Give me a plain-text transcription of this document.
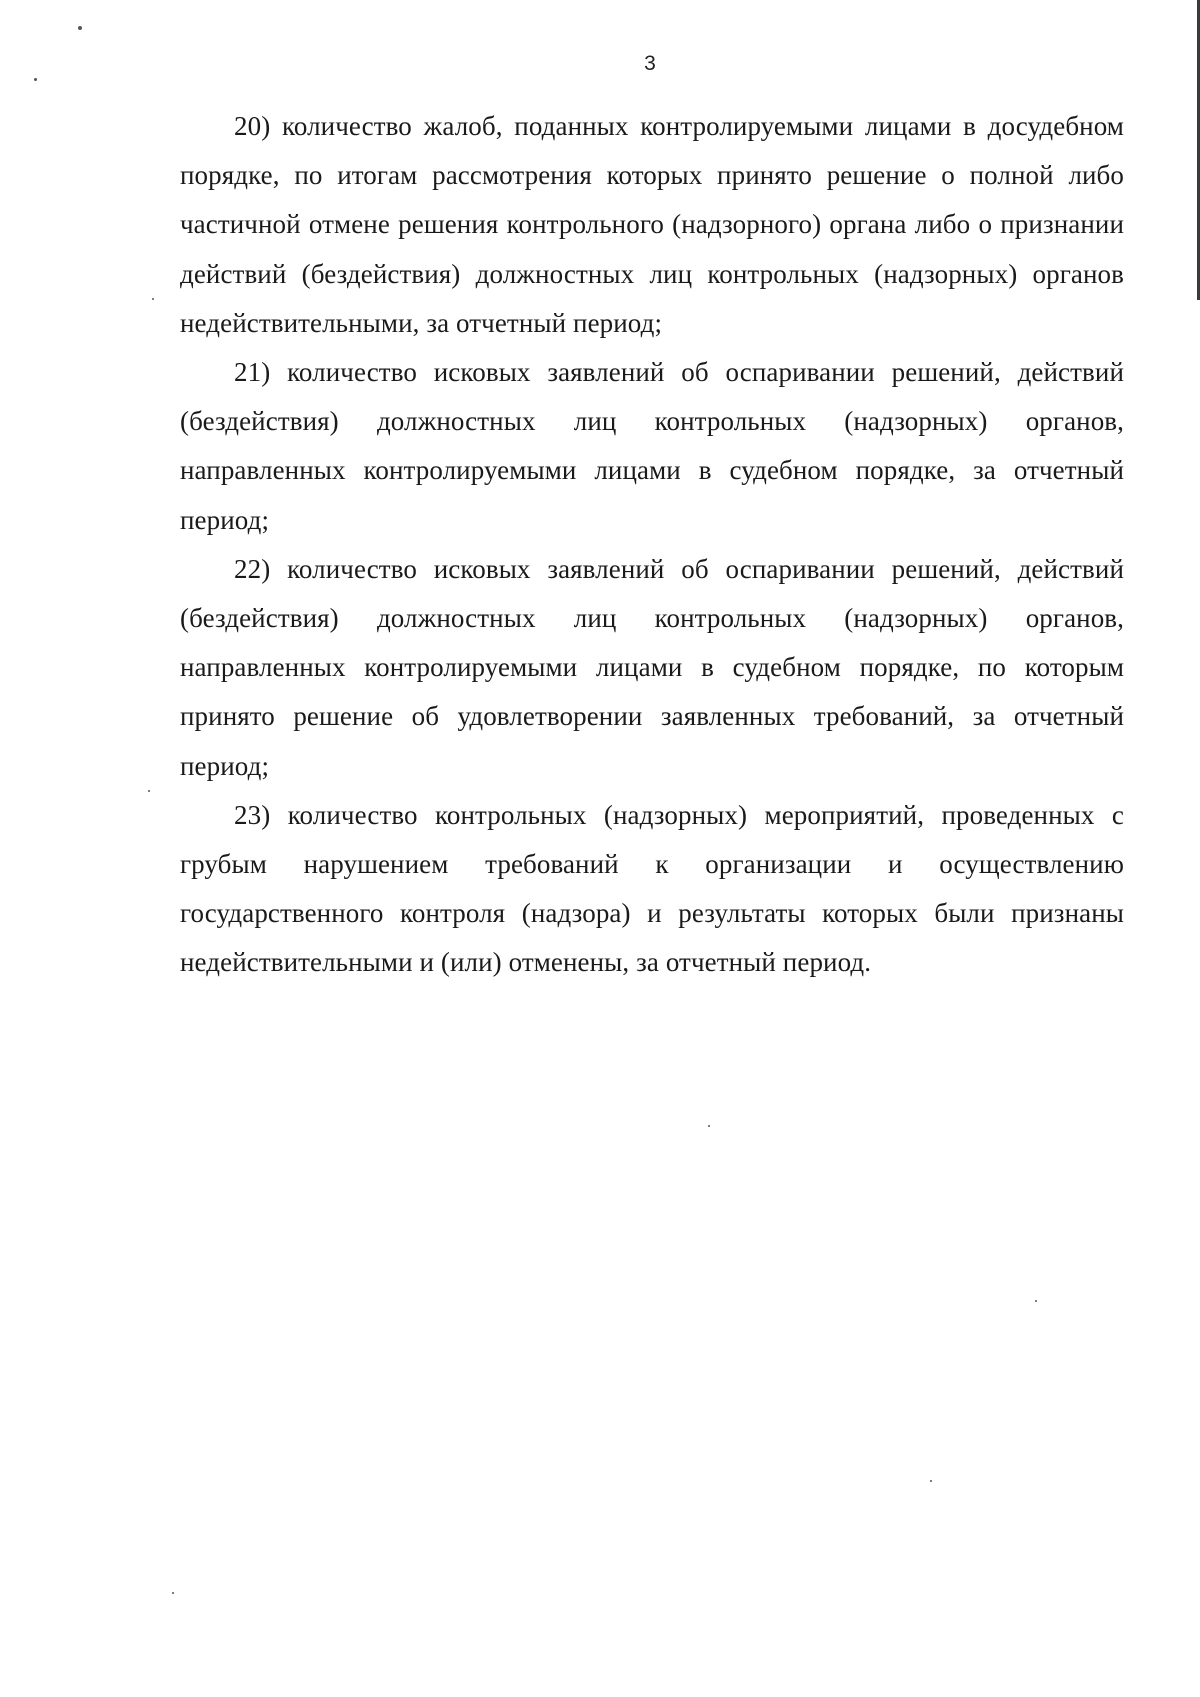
3

20) количество жалоб, поданных контролируемыми лицами в досудебном порядке, по итогам рассмотрения которых принято решение о полной либо частичной отмене решения контрольного (надзорного) органа либо о признании действий (бездействия) должностных лиц контрольных (надзорных) органов недействительными, за отчетный период;

21) количество исковых заявлений об оспаривании решений, действий (бездействия) должностных лиц контрольных (надзорных) органов, направленных контролируемыми лицами в судебном порядке, за отчетный период;

22) количество исковых заявлений об оспаривании решений, действий (бездействия) должностных лиц контрольных (надзорных) органов, направленных контролируемыми лицами в судебном порядке, по которым принято решение об удовлетворении заявленных требований, за отчетный период;

23) количество контрольных (надзорных) мероприятий, проведенных с грубым нарушением требований к организации и осуществлению государственного контроля (надзора) и результаты которых были признаны недействительными и (или) отменены, за отчетный период.
